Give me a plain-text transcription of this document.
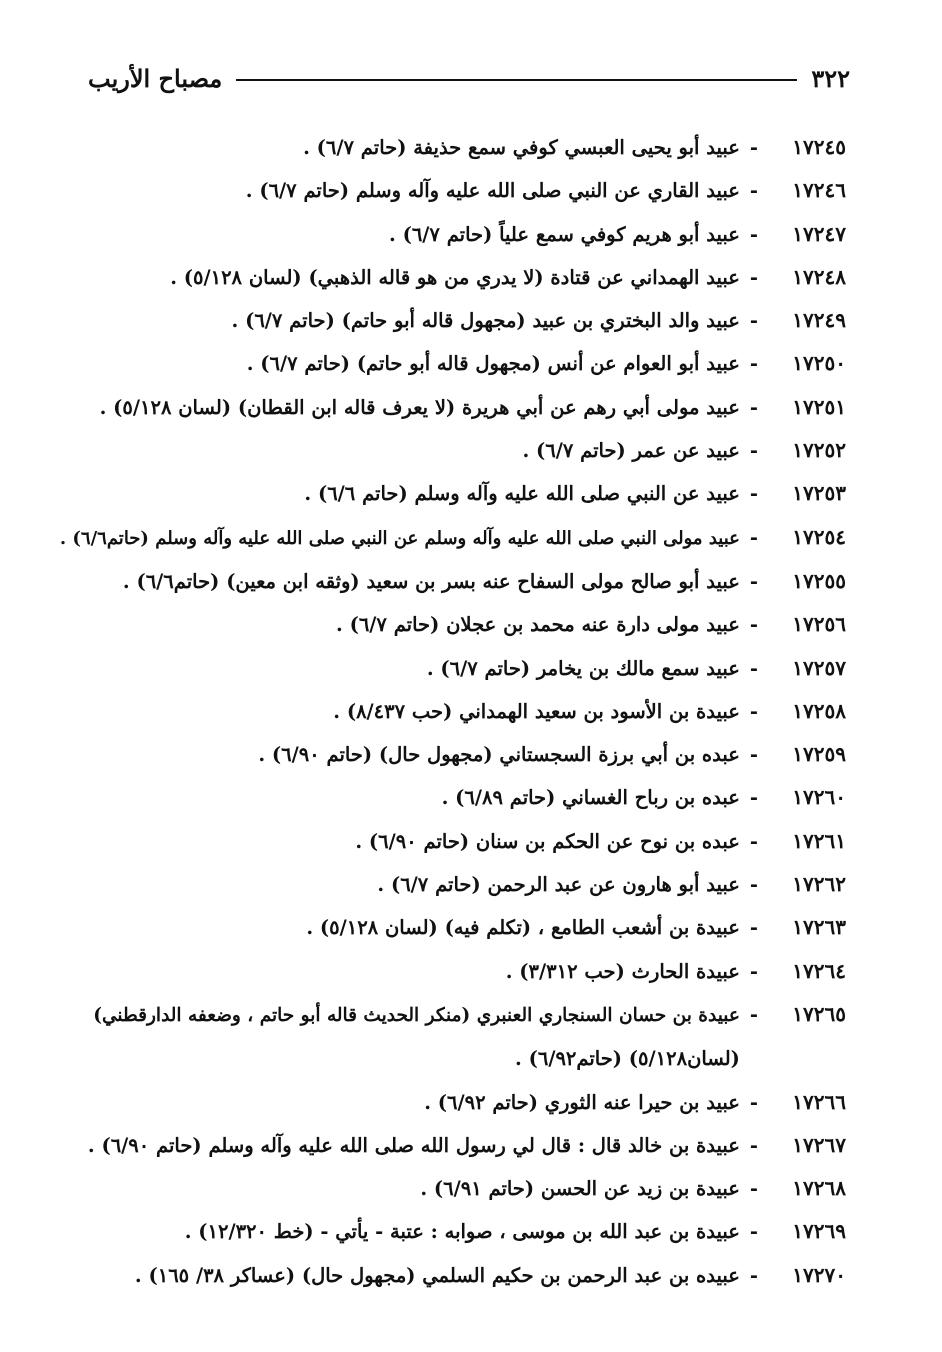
٣٢٢
مصباح الأريب
١٧٢٤٥
-
عبيد أبو يحيى العبسي كوفي سمع حذيفة (حاتم ٦/٧) .
١٧٢٤٦
-
عبيد القاري عن النبي صلى الله عليه وآله وسلم (حاتم ٦/٧) .
١٧٢٤٧
-
عبيد أبو هريم كوفي سمع علياً (حاتم ٦/٧) .
١٧٢٤٨
-
عبيد الهمداني عن قتادة (لا يدري من هو قاله الذهبي) (لسان ٥/١٢٨) .
١٧٢٤٩
-
عبيد والد البختري بن عبيد (مجهول قاله أبو حاتم) (حاتم ٦/٧) .
١٧٢٥٠
-
عبيد أبو العوام عن أنس (مجهول قاله أبو حاتم) (حاتم ٦/٧) .
١٧٢٥١
-
عبيد مولى أبي رهم عن أبي هريرة (لا يعرف قاله ابن القطان) (لسان ٥/١٢٨) .
١٧٢٥٢
-
عبيد عن عمر (حاتم ٦/٧) .
١٧٢٥٣
-
عبيد عن النبي صلى الله عليه وآله وسلم (حاتم ٦/٦) .
١٧٢٥٤
-
عبيد مولى النبي صلى الله عليه وآله وسلم عن النبي صلى الله عليه وآله وسلم (حاتم٦/٦) .
١٧٢٥٥
-
عبيد أبو صالح مولى السفاح عنه بسر بن سعيد (وثقه ابن معين) (حاتم٦/٦) .
١٧٢٥٦
-
عبيد مولى دارة عنه محمد بن عجلان (حاتم ٦/٧) .
١٧٢٥٧
-
عبيد سمع مالك بن يخامر (حاتم ٦/٧) .
١٧٢٥٨
-
عبيدة بن الأسود بن سعيد الهمداني (حب ٨/٤٣٧) .
١٧٢٥٩
-
عبده بن أبي برزة السجستاني (مجهول حال) (حاتم ٦/٩٠) .
١٧٢٦٠
-
عبده بن رباح الغساني (حاتم ٦/٨٩) .
١٧٢٦١
-
عبده بن نوح عن الحكم بن سنان (حاتم ٦/٩٠) .
١٧٢٦٢
-
عبيد أبو هارون عن عبد الرحمن (حاتم ٦/٧) .
١٧٢٦٣
-
عبيدة بن أشعب الطامع ، (تكلم فيه) (لسان ٥/١٢٨) .
١٧٢٦٤
-
عبيدة الحارث (حب ٣/٣١٢) .
١٧٢٦٥
-
عبيدة بن حسان السنجاري العنبري (منكر الحديث قاله أبو حاتم ، وضعفه الدارقطني)
(لسان٥/١٢٨) (حاتم٦/٩٢) .
١٧٢٦٦
-
عبيد بن حيرا عنه الثوري (حاتم ٦/٩٢) .
١٧٢٦٧
-
عبيدة بن خالد قال : قال لي رسول الله صلى الله عليه وآله وسلم (حاتم ٦/٩٠) .
١٧٢٦٨
-
عبيدة بن زيد عن الحسن (حاتم ٦/٩١) .
١٧٢٦٩
-
عبيدة بن عبد الله بن موسى ، صوابه : عتبة - يأتي - (خط ١٢/٣٢٠) .
١٧٢٧٠
-
عبيده بن عبد الرحمن بن حكيم السلمي (مجهول حال) (عساكر ٣٨/ ١٦٥) .
